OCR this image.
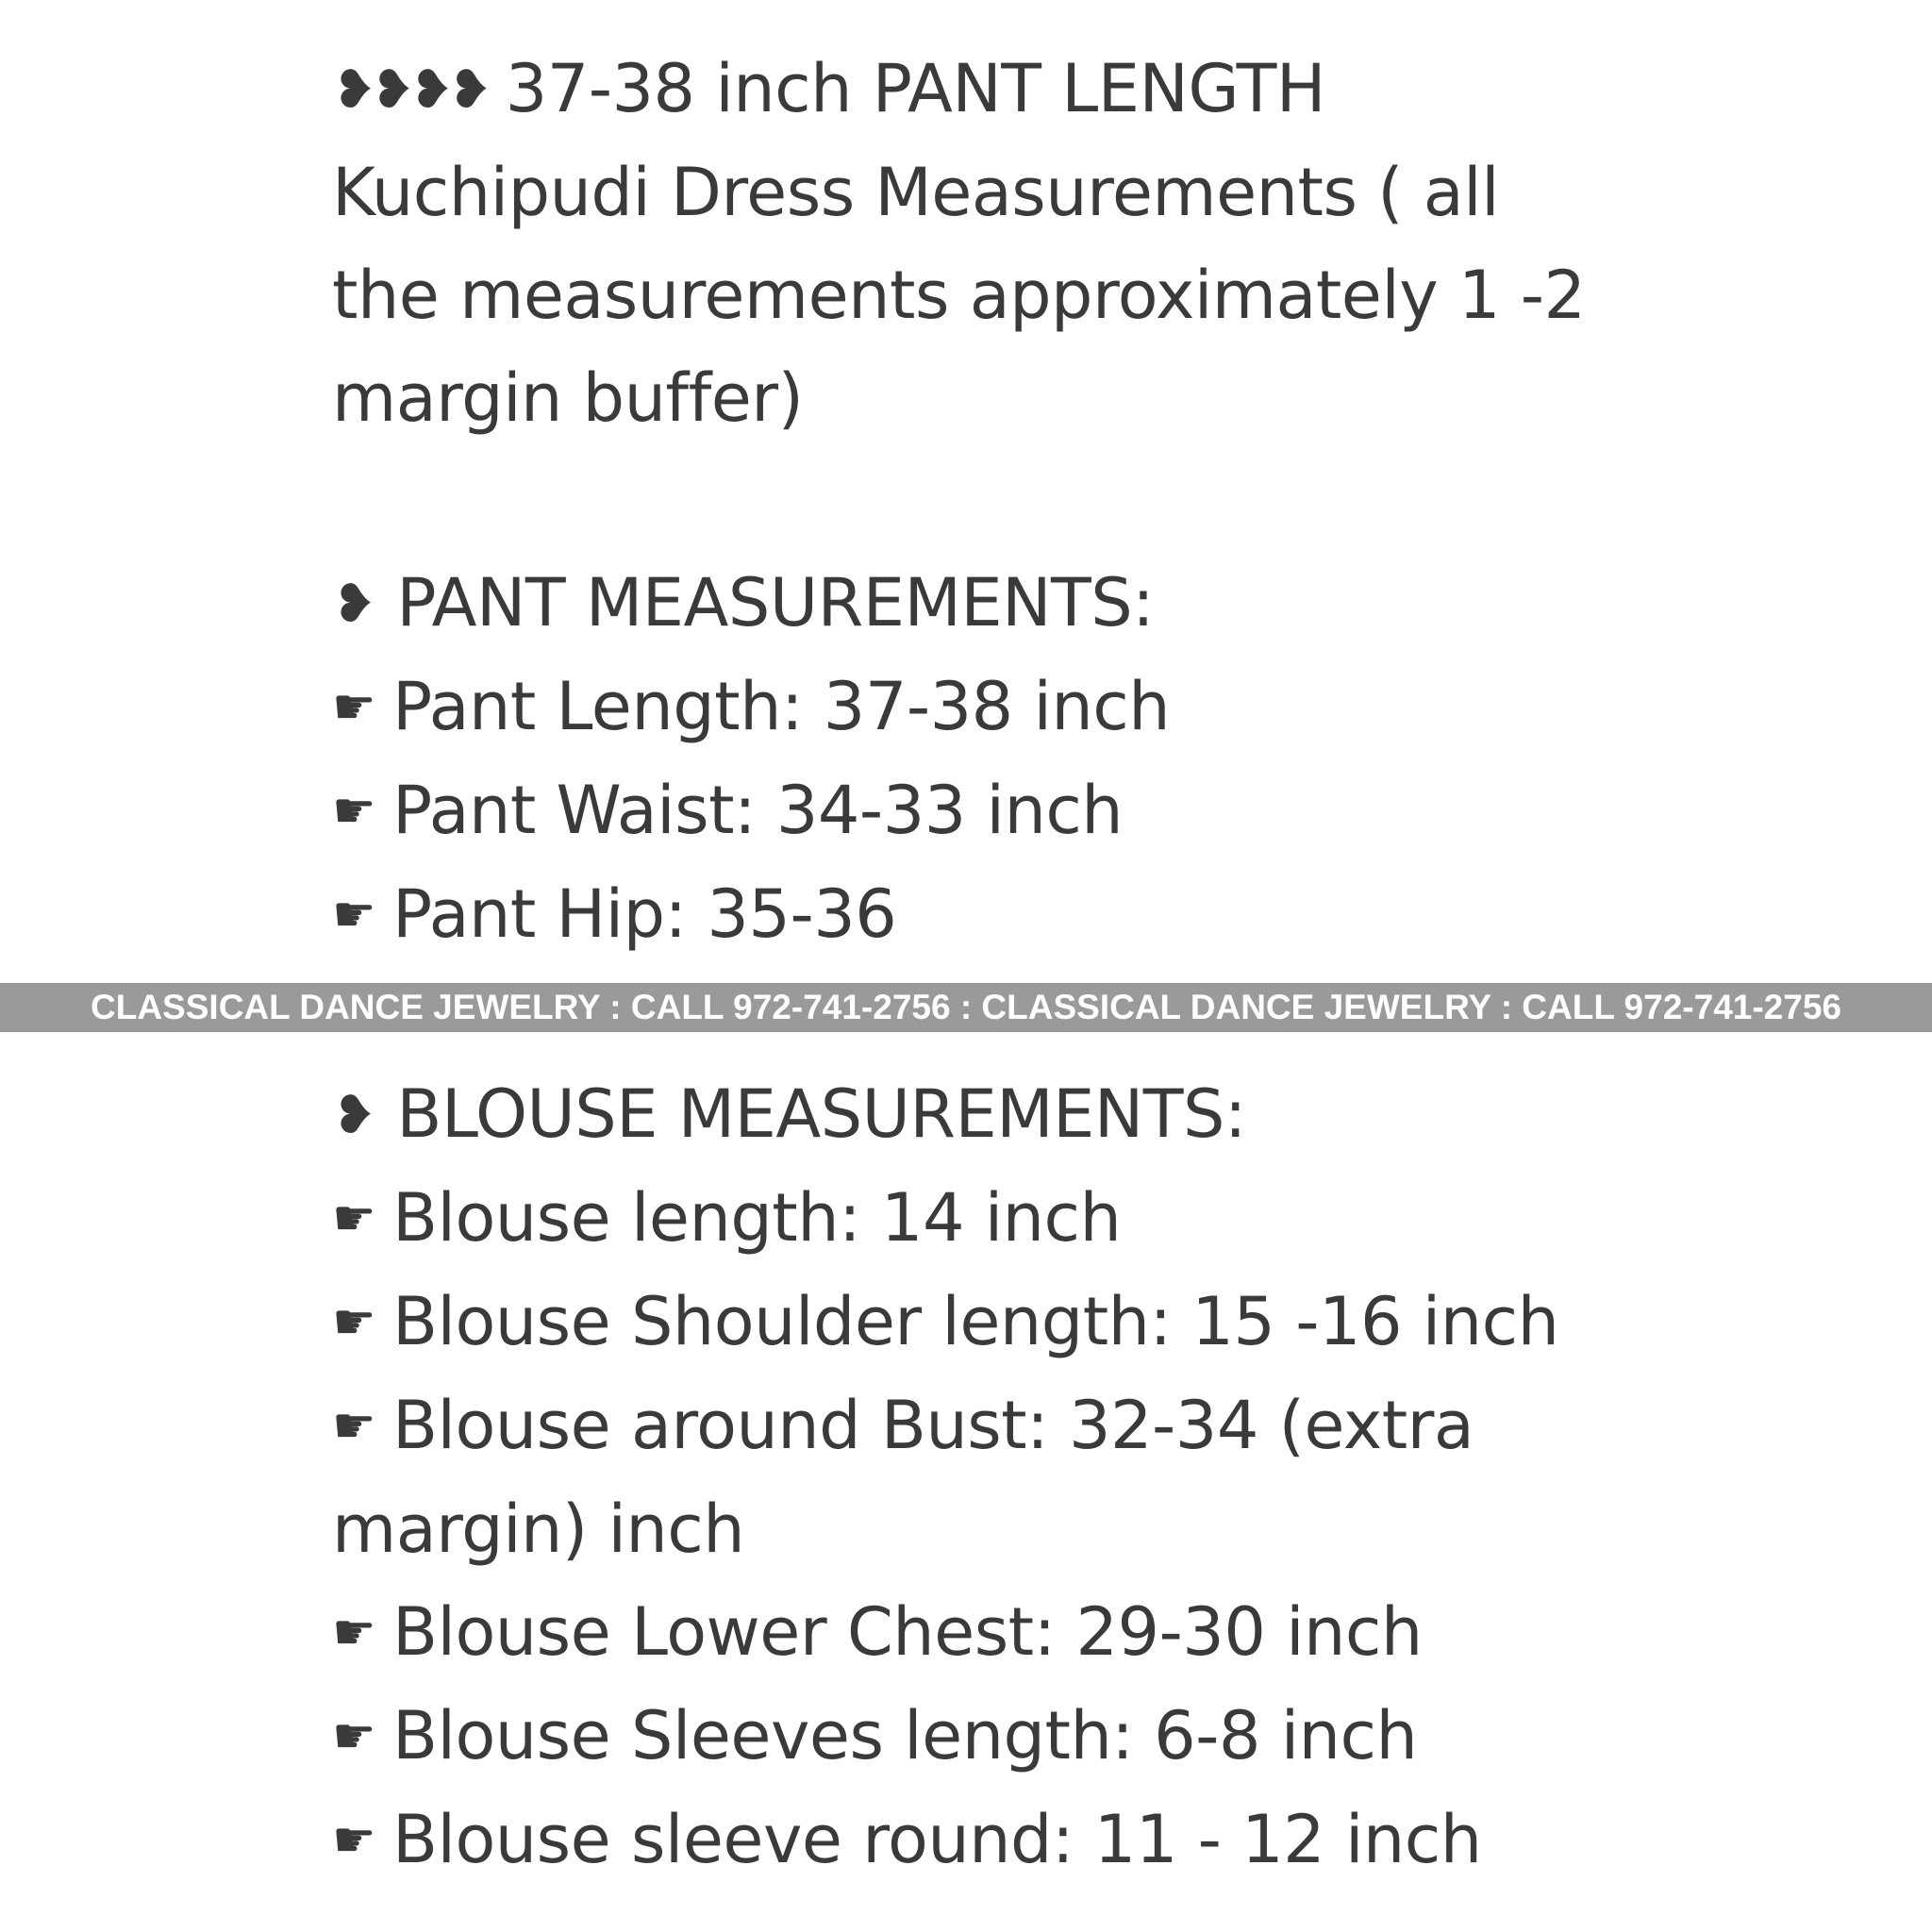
❥❥❥❥ 37-38 inch PANT LENGTH
Kuchipudi Dress Measurements ( all
the measurements approximately 1 -2
margin buffer)
❥ PANT MEASUREMENTS:
☛ Pant Length: 37-38 inch
☛ Pant Waist: 34-33 inch
☛ Pant Hip: 35-36
CLASSICAL DANCE JEWELRY : CALL 972-741-2756 : CLASSICAL DANCE JEWELRY : CALL 972-741-2756
❥ BLOUSE MEASUREMENTS:
☛ Blouse length: 14 inch
☛ Blouse Shoulder length: 15 -16 inch
☛ Blouse around Bust: 32-34 (extra
margin) inch
☛ Blouse Lower Chest: 29-30 inch
☛ Blouse Sleeves length: 6-8 inch
☛ Blouse sleeve round: 11 - 12 inch
